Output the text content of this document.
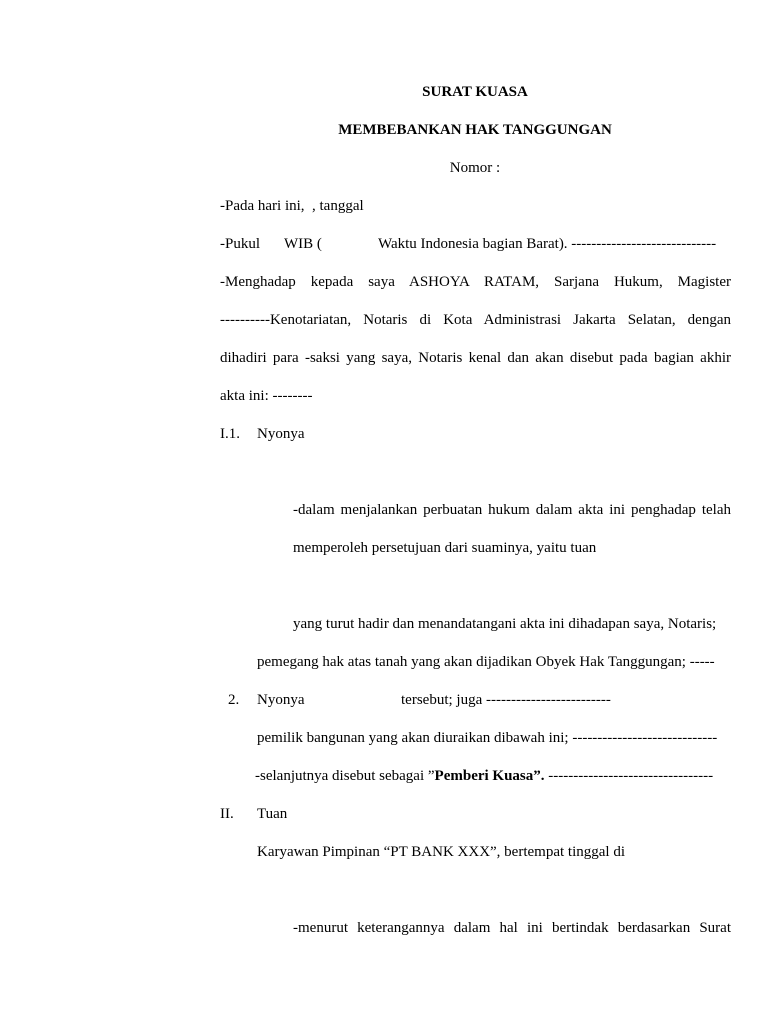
SURAT KUASA
MEMBEBANKAN HAK TANGGUNGAN
Nomor :
-Pada hari ini, , tanggal
-Pukul WIB (	Waktu Indonesia bagian Barat). -----------------------------
-Menghadap kepada saya ASHOYA RATAM, Sarjana Hukum, Magister
----------Kenotariatan, Notaris di Kota Administrasi Jakarta Selatan, dengan
dihadiri para -saksi yang saya, Notaris kenal dan akan disebut pada bagian akhir
akta ini: --------
I.1. Nyonya
-dalam menjalankan perbuatan hukum dalam akta ini penghadap telah
memperoleh persetujuan dari suaminya, yaitu tuan
yang turut hadir dan menandatangani akta ini dihadapan saya, Notaris;
pemegang hak atas tanah yang akan dijadikan Obyek Hak Tanggungan; -----
2. Nyonya	tersebut; juga -------------------------
pemilik bangunan yang akan diuraikan dibawah ini; -----------------------------
-selanjutnya disebut sebagai ”Pemberi Kuasa”. ---------------------------------
II. Tuan
Karyawan Pimpinan “PT BANK XXX”, bertempat tinggal di
-menurut keterangannya dalam hal ini bertindak berdasarkan Surat
